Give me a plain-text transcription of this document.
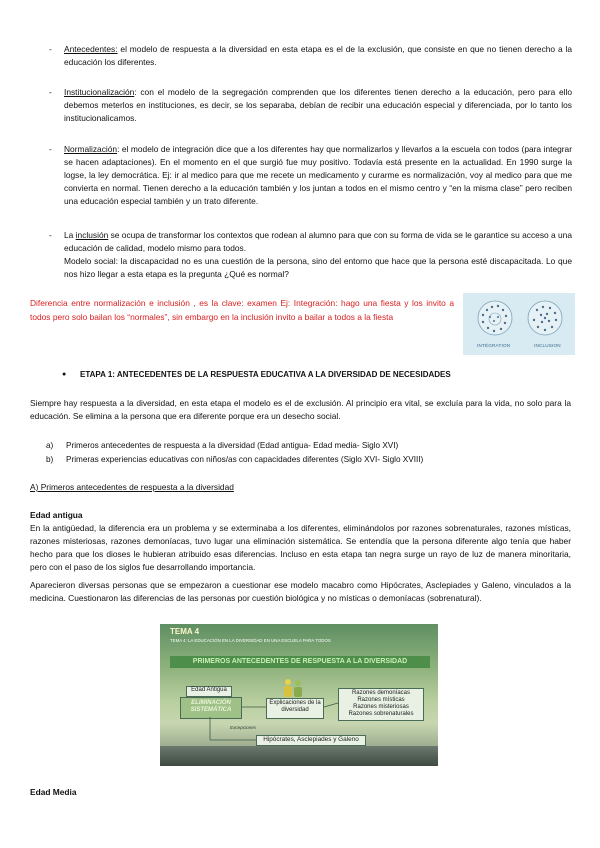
- Antecedentes: el modelo de respuesta a la diversidad en esta etapa es el de la exclusión, que consiste en que no tienen derecho a la educación los diferentes.

- Institucionalización: con el modelo de la segregación comprenden que los diferentes tienen derecho a la educación, pero para ello debemos meterlos en instituciones, es decir, se los separaba, debían de recibir una educación especial y diferenciada, por lo tanto los institucionalicamos.

- Normalización: el modelo de integración dice que a los diferentes hay que normalizarlos y llevarlos a la escuela con todos (para integrar se hacen adaptaciones). En el momento en el que surgió fue muy positivo. Todavía está presente en la actualidad. En 1990 surge la logse, la ley democrática. Ej: ir al medico para que me recete un medicamento y curarme es normalización, voy al medico para que me convierta en normal. Tienen derecho a la educación también y los juntan a todos en el mismo centro y “en la misma clase” pero reciben una educación especial también y un trato diferente.

- La inclusión se ocupa de transformar los contextos que rodean al alumno para que con su forma de vida se le garantice su acceso a una educación de calidad, modelo mismo para todos.
Modelo social: la discapacidad no es una cuestión de la persona, sino del entorno que hace que la persona esté discapacitada. Lo que nos hizo llegar a esta etapa es la pregunta ¿Qué es normal?

Diferencia entre normalización e inclusión , es la clave: examen Ej: Integración: hago una fiesta y los invito a todos pero solo bailan los “normales”, sin embargo en la inclusión invito a bailar a todos a la fiesta

INTÉGRATION	INCLUSION
● ETAPA 1: ANTECEDENTES DE LA RESPUESTA EDUCATIVA A LA DIVERSIDAD DE NECESIDADES

Siempre hay respuesta a la diversidad, en esta etapa el modelo es el de exclusión. Al principio era vital, se excluía para la vida, no solo para la educación. Se elimina a la persona que era diferente porque era un desecho social.

a) Primeros antecedentes de respuesta a la diversidad (Edad antigua- Edad media- Siglo XVI)
b) Primeras experiencias educativas con niños/as con capacidades diferentes (Siglo XVI- Siglo XVIII)

A) Primeros antecedentes de respuesta a la diversidad

Edad antigua

En la antigüedad, la diferencia era un problema y se exterminaba a los diferentes, eliminándolos por razones sobrenaturales, razones místicas, razones misteriosas, razones demoníacas, tuvo lugar una eliminación sistemática. Se entendía que la persona diferente algo tenía que haber hecho para que los dioses le hubieran atribuido esas diferencias. Incluso en esta etapa tan negra surge un rayo de luz de manera minoritaria, pero con el paso de los siglos fue desarrollando importancia.

Aparecieron diversas personas que se empezaron a cuestionar ese modelo macabro como Hipócrates, Asclepiades y Galeno, vinculados a la medicina. Cuestionaron las diferencias de las personas por cuestión biológica y no místicas o demoníacas (sobrenatural).

TEMA 4
TEMA 4: LA EDUCACIÓN EN LA DIVERSIDAD EN UNA ESCUELA PARA TODOS
PRIMEROS ANTECEDENTES DE RESPUESTA A LA DIVERSIDAD
Edad Antigua
ELIMINACIÓN SISTEMÁTICA
Explicaciones de la diversidad
Razones demoníacas
Razones místicas
Razones misteriosas
Razones sobrenaturales
Excepciones
Hipócrates, Asclepiades y Galeno

Edad Media
